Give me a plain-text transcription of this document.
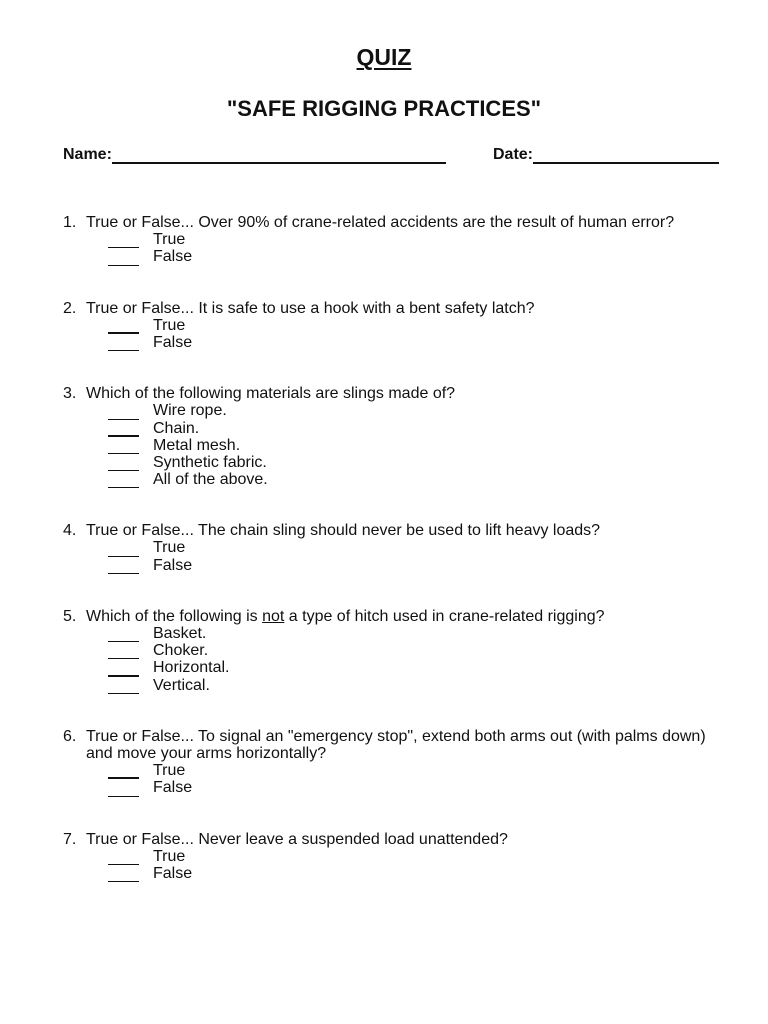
QUIZ
"SAFE RIGGING PRACTICES"
Name:	Date:
1. True or False... Over 90% of crane-related accidents are the result of human error?
True
False
2. True or False... It is safe to use a hook with a bent safety latch?
True
False
3. Which of the following materials are slings made of?
Wire rope.
Chain.
Metal mesh.
Synthetic fabric.
All of the above.
4. True or False... The chain sling should never be used to lift heavy loads?
True
False
5. Which of the following is not a type of hitch used in crane-related rigging?
Basket.
Choker.
Horizontal.
Vertical.
6. True or False... To signal an "emergency stop", extend both arms out (with palms down) and move your arms horizontally?
True
False
7. True or False... Never leave a suspended load unattended?
True
False
